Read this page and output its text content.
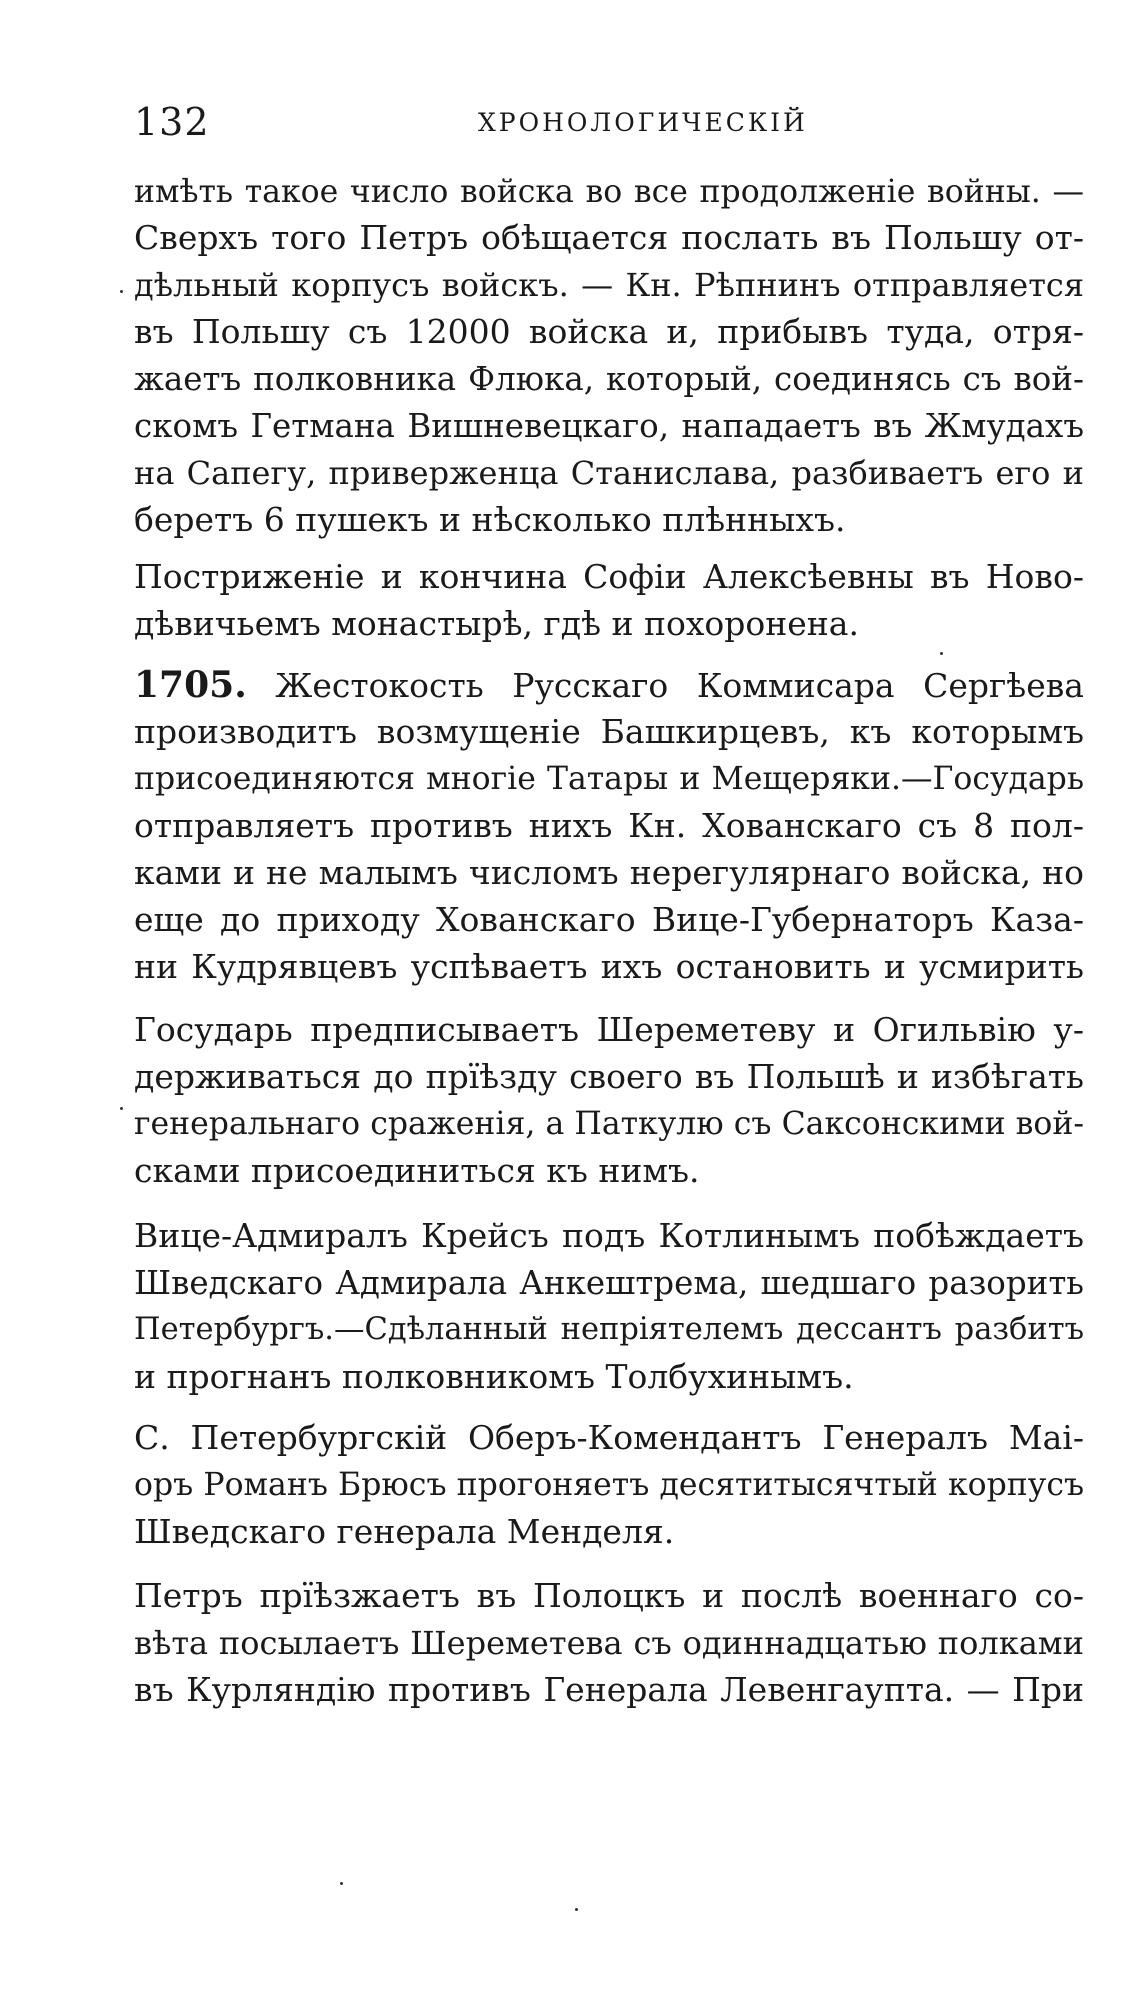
132	ХРОНОЛОГИЧЕСКІЙ
имѣть такое число войска во все продолженіе войны. —
Сверхъ того Петръ обѣщается послать въ Польшу от-
дѣльный корпусъ войскъ. — Кн. Рѣпнинъ отправляется
въ Польшу съ 12000 войска и, прибывъ туда, отря-
жаетъ полковника Флюка, который, соединясь съ вой-
скомъ Гетмана Вишневецкаго, нападаетъ въ Жмудахъ
на Сапегу, приверженца Станислава, разбиваетъ его и
беретъ 6 пушекъ и нѣсколько плѣнныхъ.
Постриженіе и кончина Софіи Алексѣевны въ Ново-
дѣвичьемъ монастырѣ, гдѣ и похоронена.
1705. Жестокость Русскаго Коммисара Сергѣева
производитъ возмущеніе Башкирцевъ, къ которымъ
присоединяются многіе Татары и Мещеряки.—Государь
отправляетъ противъ нихъ Кн. Хованскаго съ 8 пол-
ками и не малымъ числомъ нерегулярнаго войска, но
еще до приходу Хованскаго Вице-Губернаторъ Каза-
ни Кудрявцевъ успѣваетъ ихъ остановить и усмирить
Государь предписываетъ Шереметеву и Огильвію у-
держиваться до прїѣзду своего въ Польшѣ и избѣгать
генеральнаго сраженія, а Паткулю съ Саксонскими вой-
сками присоединиться къ нимъ.
Вице-Адмиралъ Крейсъ подъ Котлинымъ побѣждаетъ
Шведскаго Адмирала Анкештрема, шедшаго разорить
Петербургъ.—Сдѣланный непріятелемъ дессантъ разбитъ
и прогнанъ полковникомъ Толбухинымъ.
С. Петербургскій Оберъ-Комендантъ Генералъ Маі-
оръ Романъ Брюсъ прогоняетъ десятитысячтый корпусъ
Шведскаго генерала Менделя.
Петръ прїѣзжаетъ въ Полоцкъ и послѣ военнаго со-
вѣта посылаетъ Шереметева съ одиннадцатью полками
въ Курляндію противъ Генерала Левенгаупта. — При
